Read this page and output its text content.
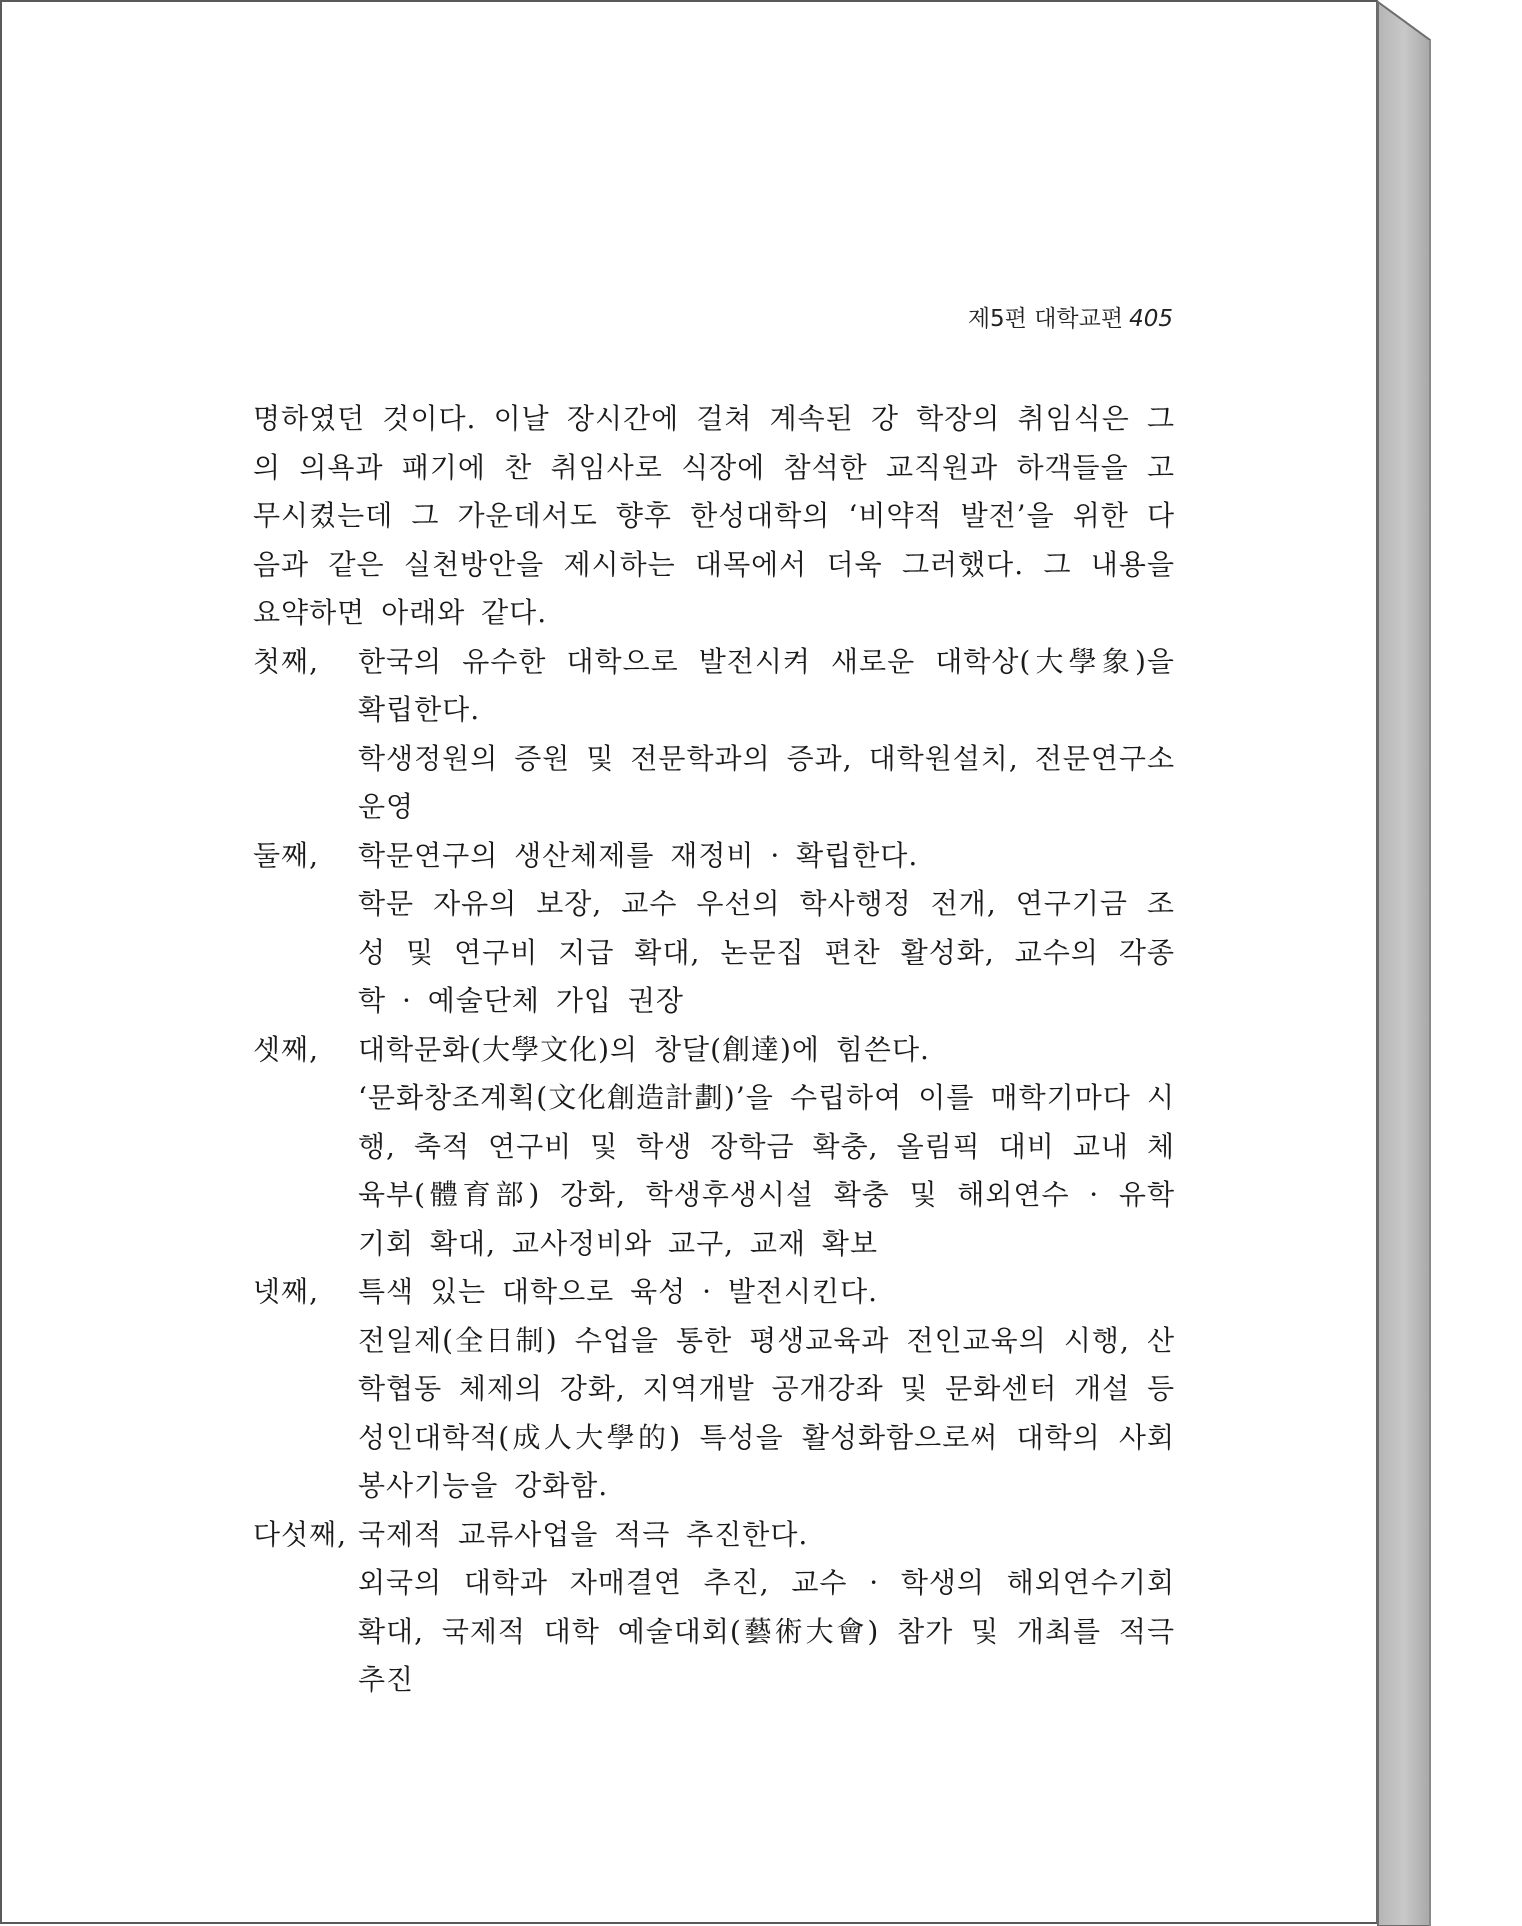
제5편 대학교편 405

명하였던 것이다. 이날 장시간에 걸쳐 계속된 강 학장의 취임식은 그의 의욕과 패기에 찬 취임사로 식장에 참석한 교직원과 하객들을 고무시켰는데 그 가운데서도 향후 한성대학의 ‘비약적 발전’을 위한 다음과 같은 실천방안을 제시하는 대목에서 더욱 그러했다. 그 내용을 요약하면 아래와 같다.

첫째,	한국의 유수한 대학으로 발전시켜 새로운 대학상(大學象)을 확립한다.
학생정원의 증원 및 전문학과의 증과, 대학원설치, 전문연구소 운영
둘째,	학문연구의 생산체제를 재정비 · 확립한다.
학문 자유의 보장, 교수 우선의 학사행정 전개, 연구기금 조성 및 연구비 지급 확대, 논문집 편찬 활성화, 교수의 각종 학 · 예술단체 가입 권장
셋째,	대학문화(大學文化)의 창달(創達)에 힘쓴다.
‘문화창조계획(文化創造計劃)’을 수립하여 이를 매학기마다 시행, 축적 연구비 및 학생 장학금 확충, 올림픽 대비 교내 체육부(體育部) 강화, 학생후생시설 확충 및 해외연수 · 유학 기회 확대, 교사정비와 교구, 교재 확보
넷째,	특색 있는 대학으로 육성 · 발전시킨다.
전일제(全日制) 수업을 통한 평생교육과 전인교육의 시행, 산학협동 체제의 강화, 지역개발 공개강좌 및 문화센터 개설 등 성인대학적(成人大學的) 특성을 활성화함으로써 대학의 사회 봉사기능을 강화함.
다섯째, 국제적 교류사업을 적극 추진한다.
외국의 대학과 자매결연 추진, 교수 · 학생의 해외연수기회 확대, 국제적 대학 예술대회(藝術大會) 참가 및 개최를 적극 추진
